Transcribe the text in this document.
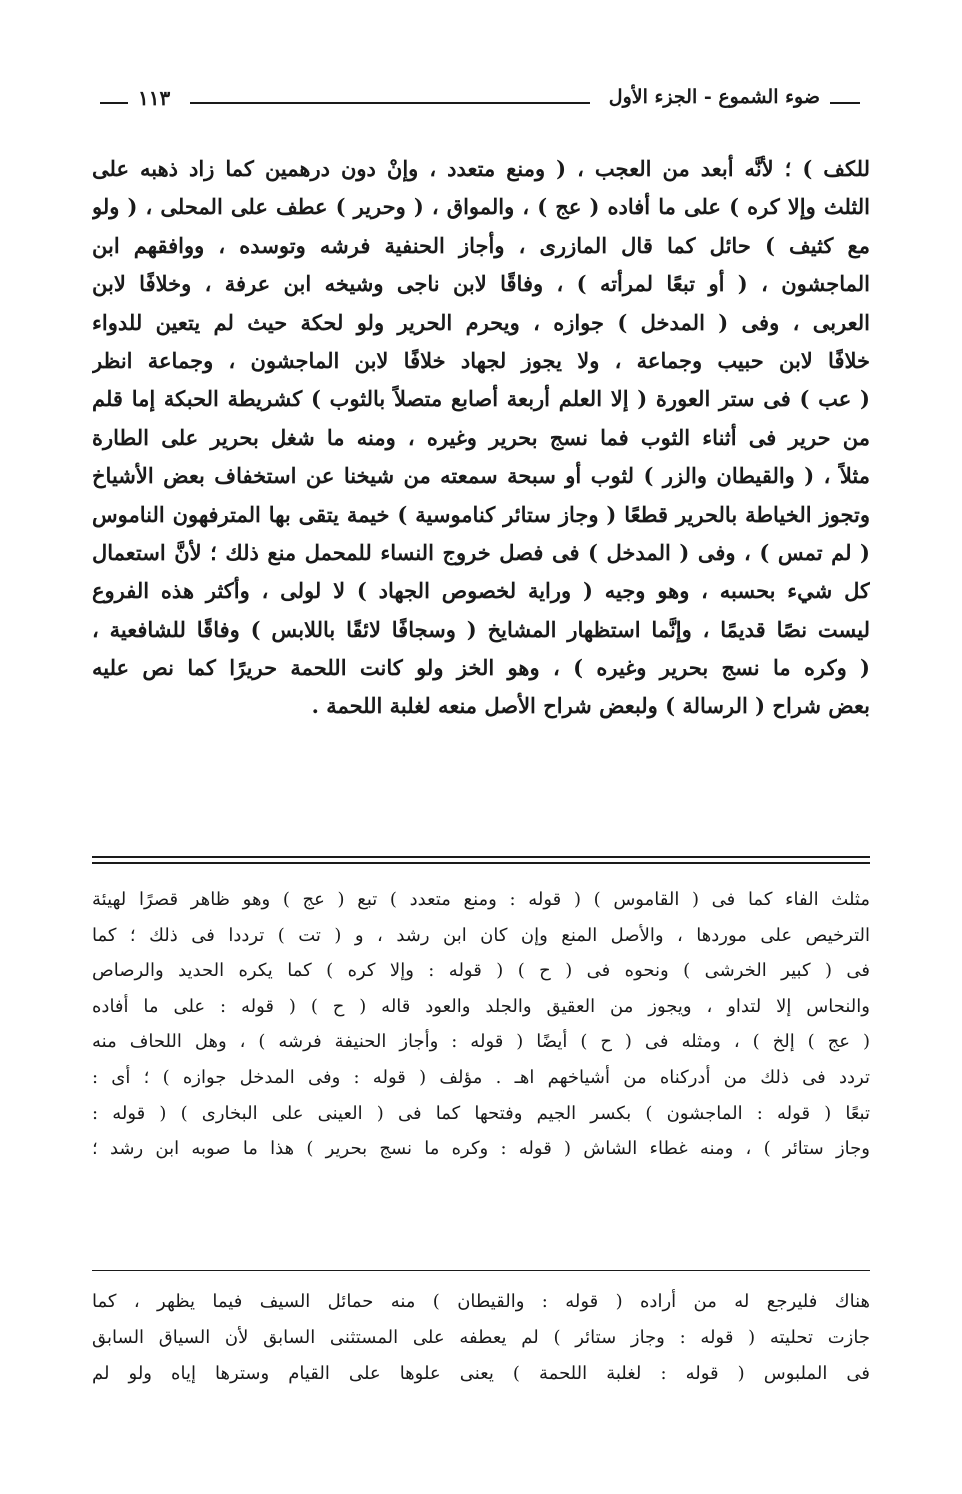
ضوء الشموع - الجزء الأول
١١٣
للكف ) ؛ لأنَّه أبعد من العجب ، ( ومنع متعدد ، وإنْ دون درهمين كما زاد ذهبه على
الثلث وإلا كره ) على ما أفاده ( عج ) ، والمواق ، ( وحرير ) عطف على المحلى ، ( ولو
مع كثيف ) حائل كما قال المازرى ، وأجاز الحنفية فرشه وتوسده ، ووافقهم ابن
الماجشون ، ( أو تبعًا لمرأته ) ، وفاقًا لابن ناجى وشيخه ابن عرفة ، وخلافًا لابن
العربى ، وفى ( المدخل ) جوازه ، ويحرم الحرير ولو لحكة حيث لم يتعين للدواء
خلافًا لابن حبيب وجماعة ، ولا يجوز لجهاد خلافًا لابن الماجشون ، وجماعة انظر
( عب ) فى ستر العورة ( إلا العلم أربعة أصابع متصلاً بالثوب ) كشريطة الحبكة إما قلم
من حرير فى أثناء الثوب فما نسج بحرير وغيره ، ومنه ما شغل بحرير على الطارة
مثلاً ، ( والقيطان والزر ) لثوب أو سبحة سمعته من شيخنا عن استخفاف بعض الأشياخ
وتجوز الخياطة بالحرير قطعًا ( وجاز ستائر كناموسية ) خيمة يتقى بها المترفهون الناموس
( لم تمس ) ، وفى ( المدخل ) فى فصل خروج النساء للمحمل منع ذلك ؛ لأنَّ استعمال
كل شيء بحسبه ، وهو وجيه ( وراية لخصوص الجهاد ) لا لولى ، وأكثر هذه الفروع
ليست نصًا قديمًا ، وإنَّما استظهار المشايخ ( وسجافًا لائقًا باللابس ) وفاقًا للشافعية ،
( وكره ما نسج بحرير وغيره ) ، وهو الخز ولو كانت اللحمة حريرًا كما نص عليه
بعض شراح ( الرسالة ) ولبعض شراح الأصل منعه لغلبة اللحمة .
مثلث الفاء كما فى ( القاموس ) ( قوله : ومنع متعدد ) تبع ( عج ) وهو ظاهر قصرًا لهيئة
الترخيص على موردها ، والأصل المنع وإن كان ابن رشد ، و ( تت ) ترددا فى ذلك ؛ كما
فى ( كبير الخرشى ) ونحوه فى ( ح ) ( قوله : وإلا كره ) كما يكره الحديد والرصاص
والنحاس إلا لتداو ، ويجوز من العقيق والجلد والعود قاله ( ح ) ( قوله : على ما أفاده
( عج ) إلخ ) ، ومثله فى ( ح ) أيضًا ( قوله : وأجاز الحنيفة فرشه ) ، وهل اللحاف منه
تردد فى ذلك من أدركناه من أشياخهم اهـ . مؤلف ( قوله : وفى المدخل جوازه ) ؛ أى :
تبعًا ( قوله : الماجشون ) بكسر الجيم وفتحها كما فى ( العينى على البخارى ) ( قوله :
وجاز ستائر ) ، ومنه غطاء الشاش ( قوله : وكره ما نسج بحرير ) هذا ما صوبه ابن رشد ؛
هناك فليرجع له من أراده ( قوله : والقيطان ) منه حمائل السيف فيما يظهر ، كما
جازت تحليته ( قوله : وجاز ستائر ) لم يعطفه على المستثنى السابق لأن السياق السابق
فى الملبوس ( قوله : لغلبة اللحمة ) يعنى علوها على القيام وسترها إياه ولو لم
